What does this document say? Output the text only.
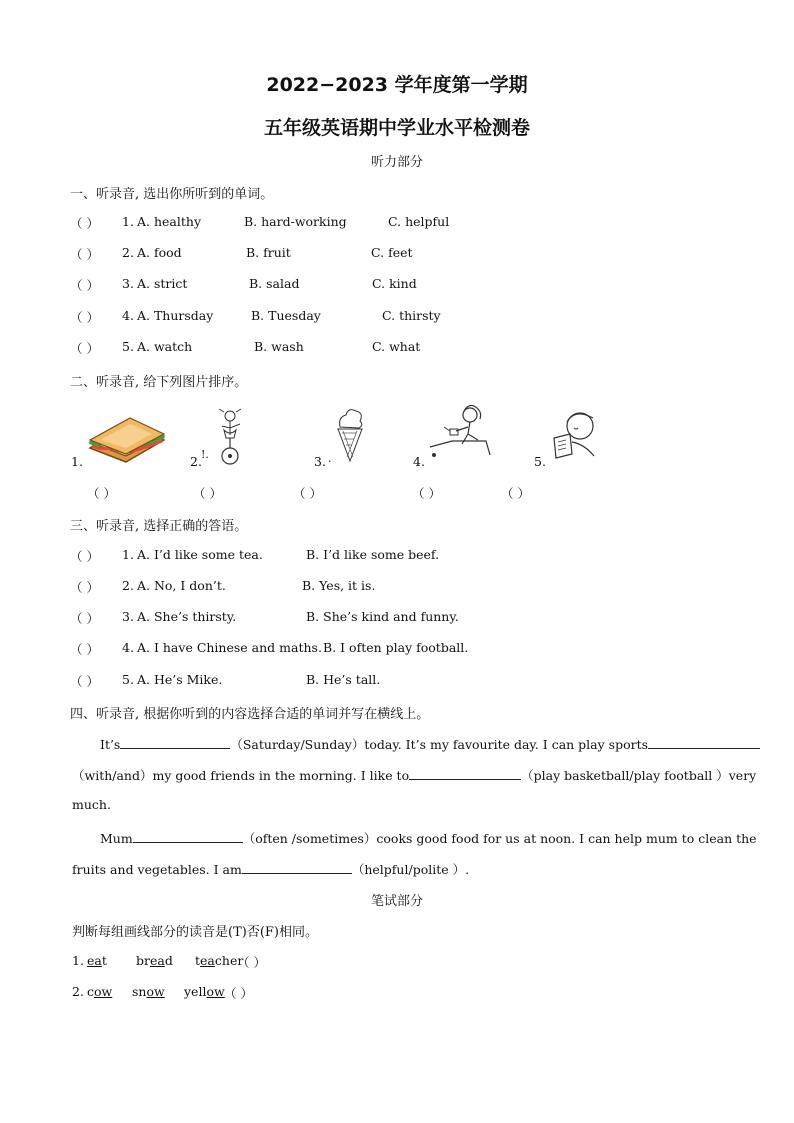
2022−2023 学年度第一学期
五年级英语期中学业水平检测卷
听力部分
一、听录音, 选出你所听到的单词。
（ ） 1. A. healthy	B. hard-working	C. helpful
（ ） 2. A. food	B. fruit	C. feet
（ ） 3. A. strict	B. salad	C. kind
（ ） 4. A. Thursday	B. Tuesday	C. thirsty
（ ） 5. A. watch	B. wash	C. what
二、听录音, 给下列图片排序。
1.	2. !.	3. .	4.	5.
（ ）	（ ）	（ ）	（ ）	（ ）
三、听录音, 选择正确的答语。
（ ） 1. A. I’d like some tea.	B. I’d like some beef.
（ ） 2. A. No, I don’t.	B. Yes, it is.
（ ） 3. A. She’s thirsty.	B. She’s kind and funny.
（ ） 4. A. I have Chinese and maths. B. I often play football.
（ ） 5. A. He’s Mike.	B. He’s tall.
四、听录音, 根据你听到的内容选择合适的单词并写在横线上。
It’s	（Saturday/Sunday）today. It’s my favourite day. I can play sports
（with/and）my good friends in the morning. I like to	（play basketball/play football ）very
much.
Mum	（often /sometimes）cooks good food for us at noon. I can help mum to clean the
fruits and vegetables. I am	（helpful/polite ）.
笔试部分
判断每组画线部分的读音是(T)否(F)相同。
1. eat bread teacher
（ ）
2. cow snow yellow （ ）
